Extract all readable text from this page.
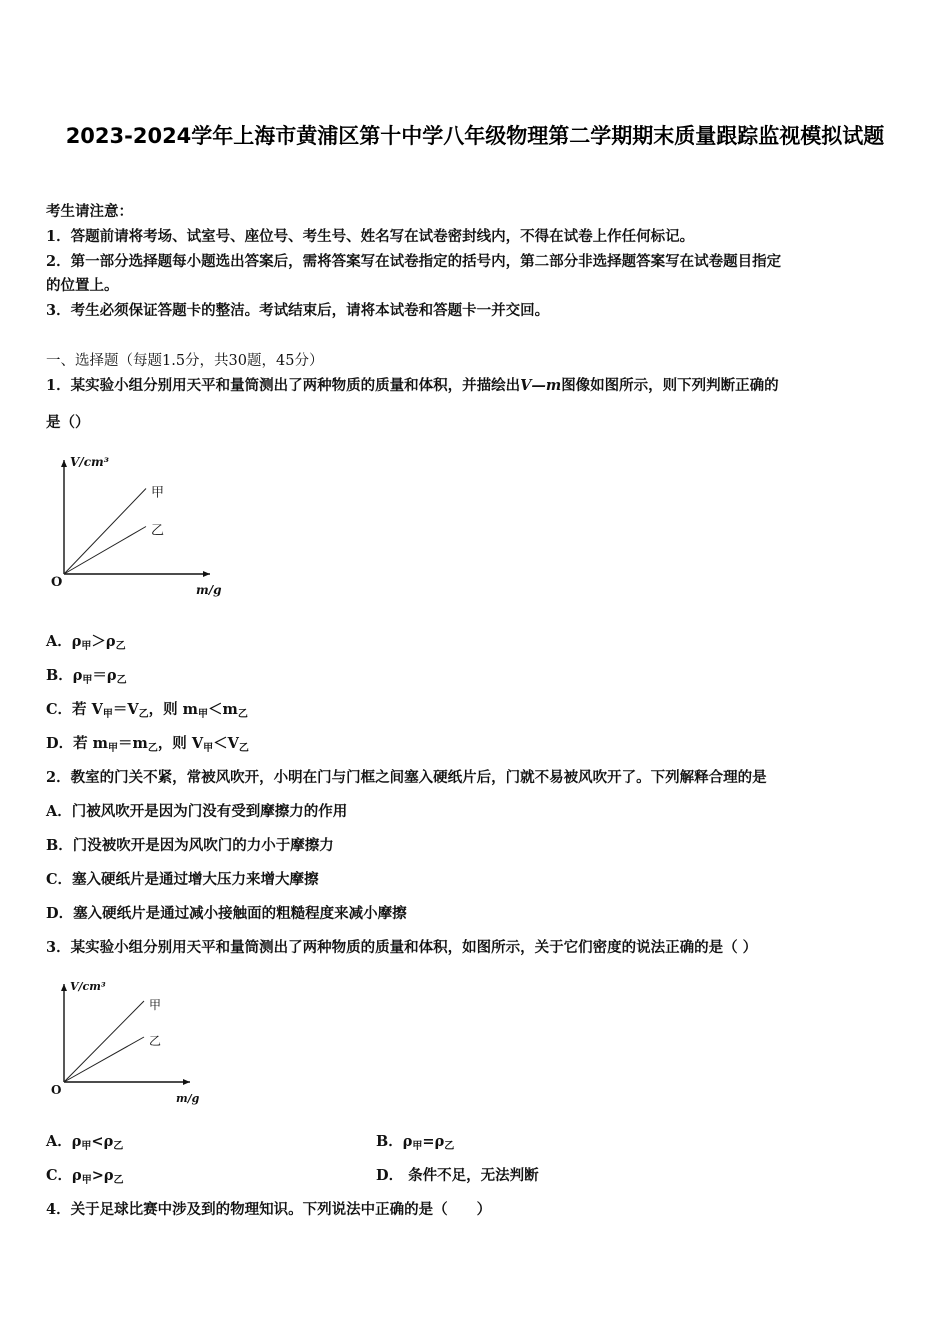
2023-2024学年上海市黄浦区第十中学八年级物理第二学期期末质量跟踪监视模拟试题
考生请注意：
1．答题前请将考场、试室号、座位号、考生号、姓名写在试卷密封线内，不得在试卷上作任何标记。
2．第一部分选择题每小题选出答案后，需将答案写在试卷指定的括号内，第二部分非选择题答案写在试卷题目指定
的位置上。
3．考生必须保证答题卡的整洁。考试结束后，请将本试卷和答题卡一并交回。
一、选择题（每题1.5分，共30题，45分）
1．某实验小组分别用天平和量筒测出了两种物质的质量和体积，并描绘出V—m图像如图所示，则下列判断正确的
是（）
V/cm³
m/g
O
甲
乙
A．$\rho_甲>\rho_乙$
B．$\rho_甲=\rho_乙$
C．若 $V_甲=V_乙$，则 $m_甲<m_乙$
D．若 $m_甲=m_乙$，则 $V_甲<V_乙$
2．教室的门关不紧，常被风吹开，小明在门与门框之间塞入硬纸片后，门就不易被风吹开了。下列解释合理的是
A．门被风吹开是因为门没有受到摩擦力的作用
B．门没被吹开是因为风吹门的力小于摩擦力
C．塞入硬纸片是通过增大压力来增大摩擦
D．塞入硬纸片是通过减小接触面的粗糙程度来减小摩擦
3．某实验小组分别用天平和量筒测出了两种物质的质量和体积，如图所示，关于它们密度的说法正确的是（ ）
V/cm³
m/g
O
甲
乙
A．$\rho_甲<\rho_乙$	B．$\rho_甲=\rho_乙$
C．$\rho_甲>\rho_乙$	D． 条件不足，无法判断
4．关于足球比赛中涉及到的物理知识。下列说法中正确的是（　　）
